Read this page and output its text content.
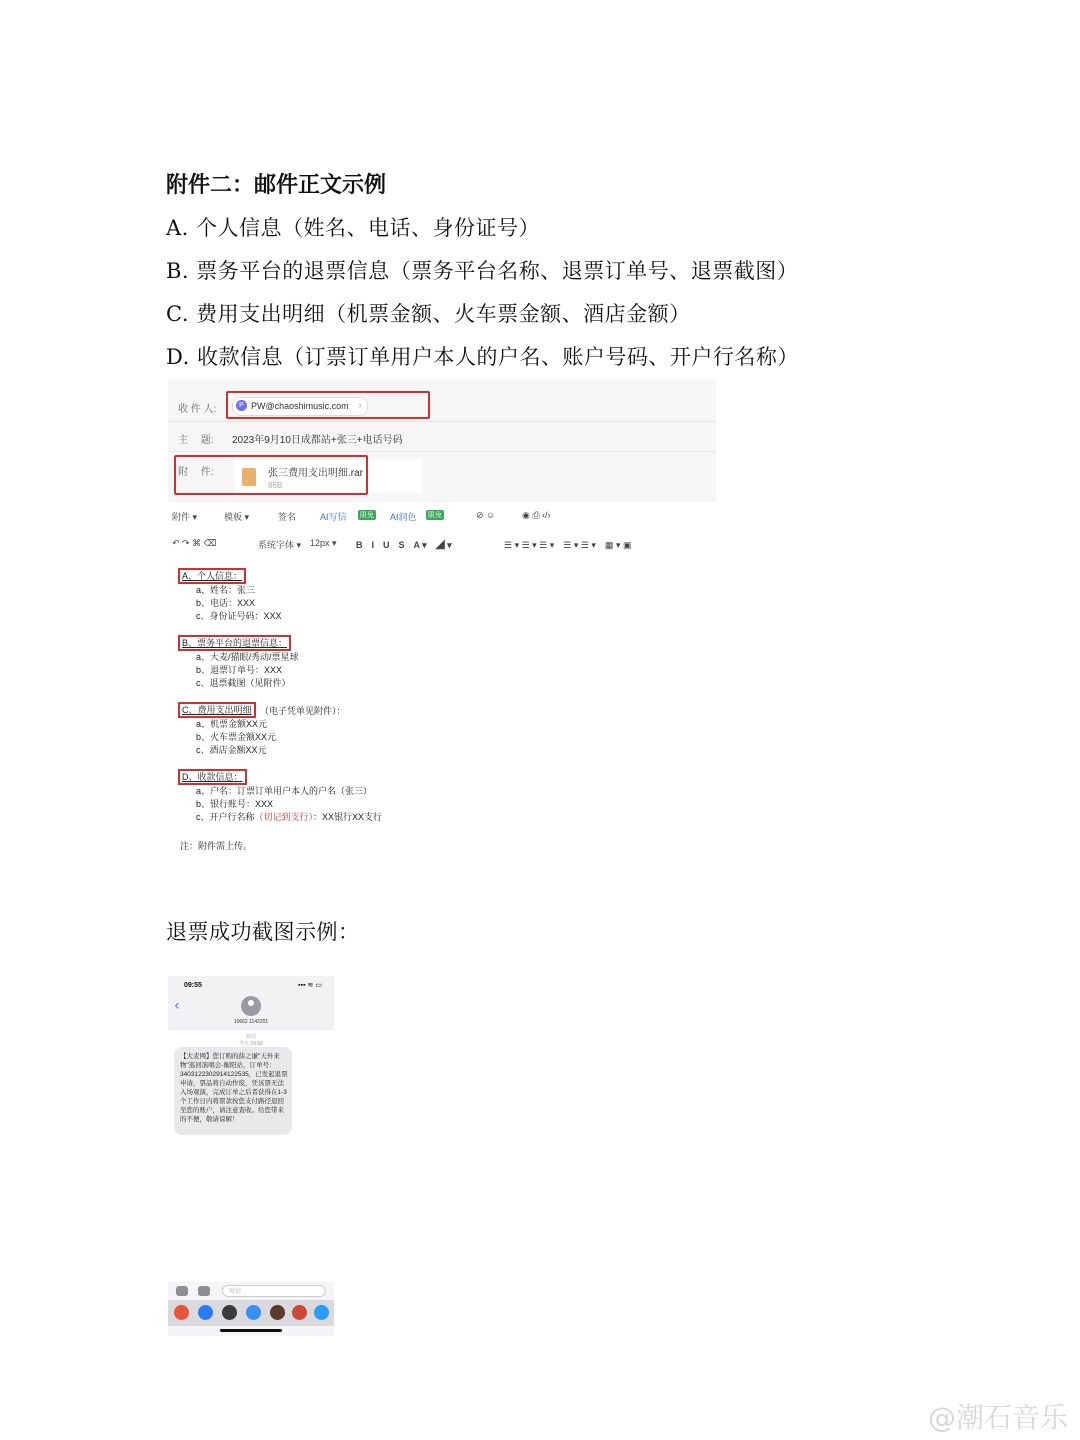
附件二：邮件正文示例
A. 个人信息（姓名、电话、身份证号）
B. 票务平台的退票信息（票务平台名称、退票订单号、退票截图）
C. 费用支出明细（机票金额、火车票金额、酒店金额）
D. 收款信息（订票订单用户本人的户名、账户号码、开户行名称）
收 件 人:	P PW@chaoshimusic.com ›
主　 题: 2023年9月10日成都站+张三+电话号码
附　 件:	张三费用支出明细.rar
86B
附件 ▾	模板 ▾	签名	AI写信 限免 AI润色 限免	⊘ ☺	◉ ⎙ ‹/›
↶ ↷ ⌘ ⌫	系统字体 ▾ 12px ▾ B　I　U　S　A ▾　◢ ▾	☰ ▾ ☰ ▾ ☰ ▾　☰ ▾ ☰ ▾　▦ ▾ ▣
A、个人信息：
a、姓名：张三
b、电话：XXX
c、身份证号码：XXX
B、票务平台的退票信息：
a、大麦/猫眼/秀动/票星球
b、退票订单号：XXX
c、退票截图（见附件）
C、费用支出明细 （电子凭单见附件）：
a、机票金额XX元
b、火车票金额XX元
c、酒店金额XX元
D、收款信息：
a、户名：订票订单用户本人的户名（张三）
b、银行账号：XXX
c、开户行名称（切记到支行）：XX银行XX支行
注：附件需上传。
退票成功截图示例：
09:55	▪▪▪ ≋ ▭
‹
10662 1142201
短信
今天 09:56
【大麦网】您订购的薛之谦"天外来物"巡回演唱会-衡阳站，订单号：340312230291412253​5，已发起退票申请，票品将自动作废，凭该票无法入场观演，完成订单之后者获得在1-3个工作日内将票款按您支付路径退回至您的账户，请注意查收。给您带来的不便，敬请谅解！
短信
@潮石音乐
